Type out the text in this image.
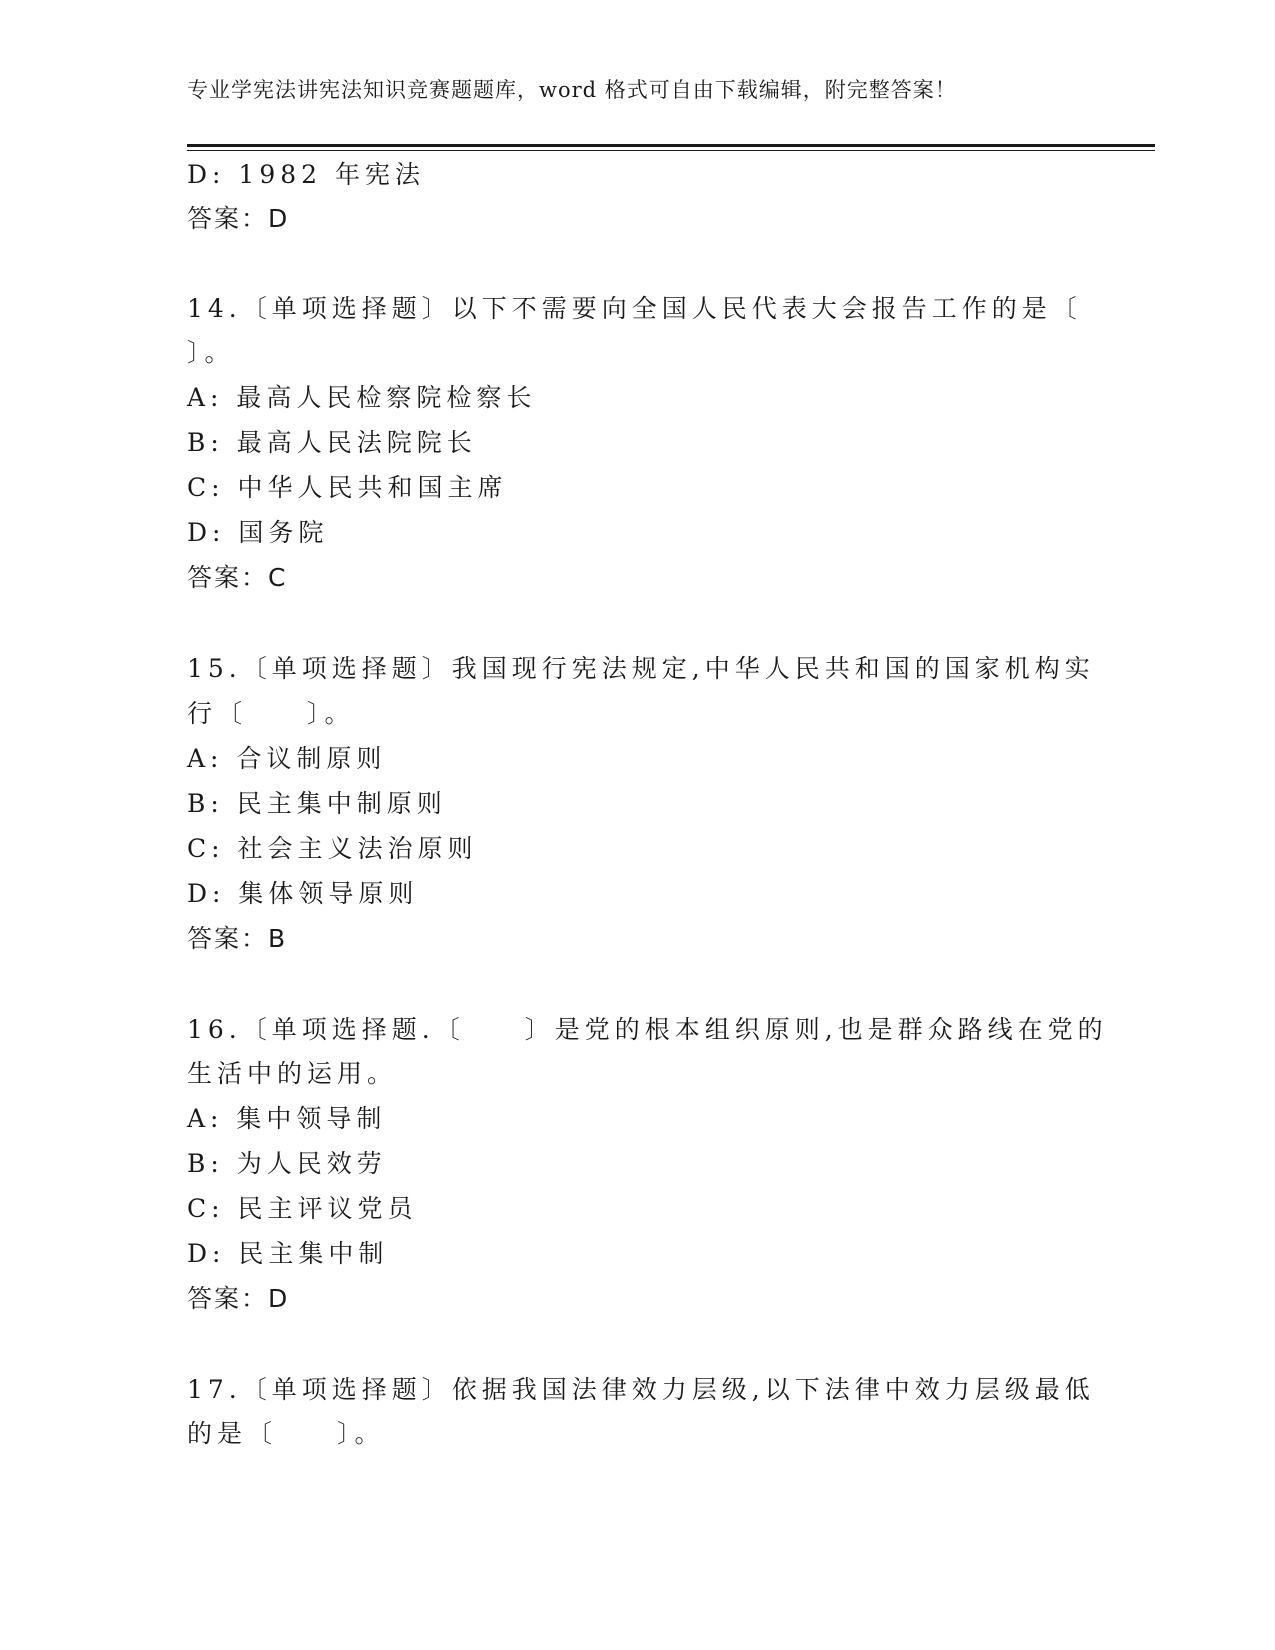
专业学宪法讲宪法知识竞赛题题库，word 格式可自由下载编辑，附完整答案！
D: 1982 年宪法
答案：D
14.〔单项选择题〕以下不需要向全国人民代表大会报告工作的是〔
〕。
A: 最高人民检察院检察长
B: 最高人民法院院长
C: 中华人民共和国主席
D: 国务院
答案：C
15.〔单项选择题〕我国现行宪法规定,中华人民共和国的国家机构实
行〔　　〕。
A: 合议制原则
B: 民主集中制原则
C: 社会主义法治原则
D: 集体领导原则
答案：B
16.〔单项选择题.〔　　〕是党的根本组织原则,也是群众路线在党的
生活中的运用。
A: 集中领导制
B: 为人民效劳
C: 民主评议党员
D: 民主集中制
答案：D
17.〔单项选择题〕依据我国法律效力层级,以下法律中效力层级最低
的是〔　　〕。
